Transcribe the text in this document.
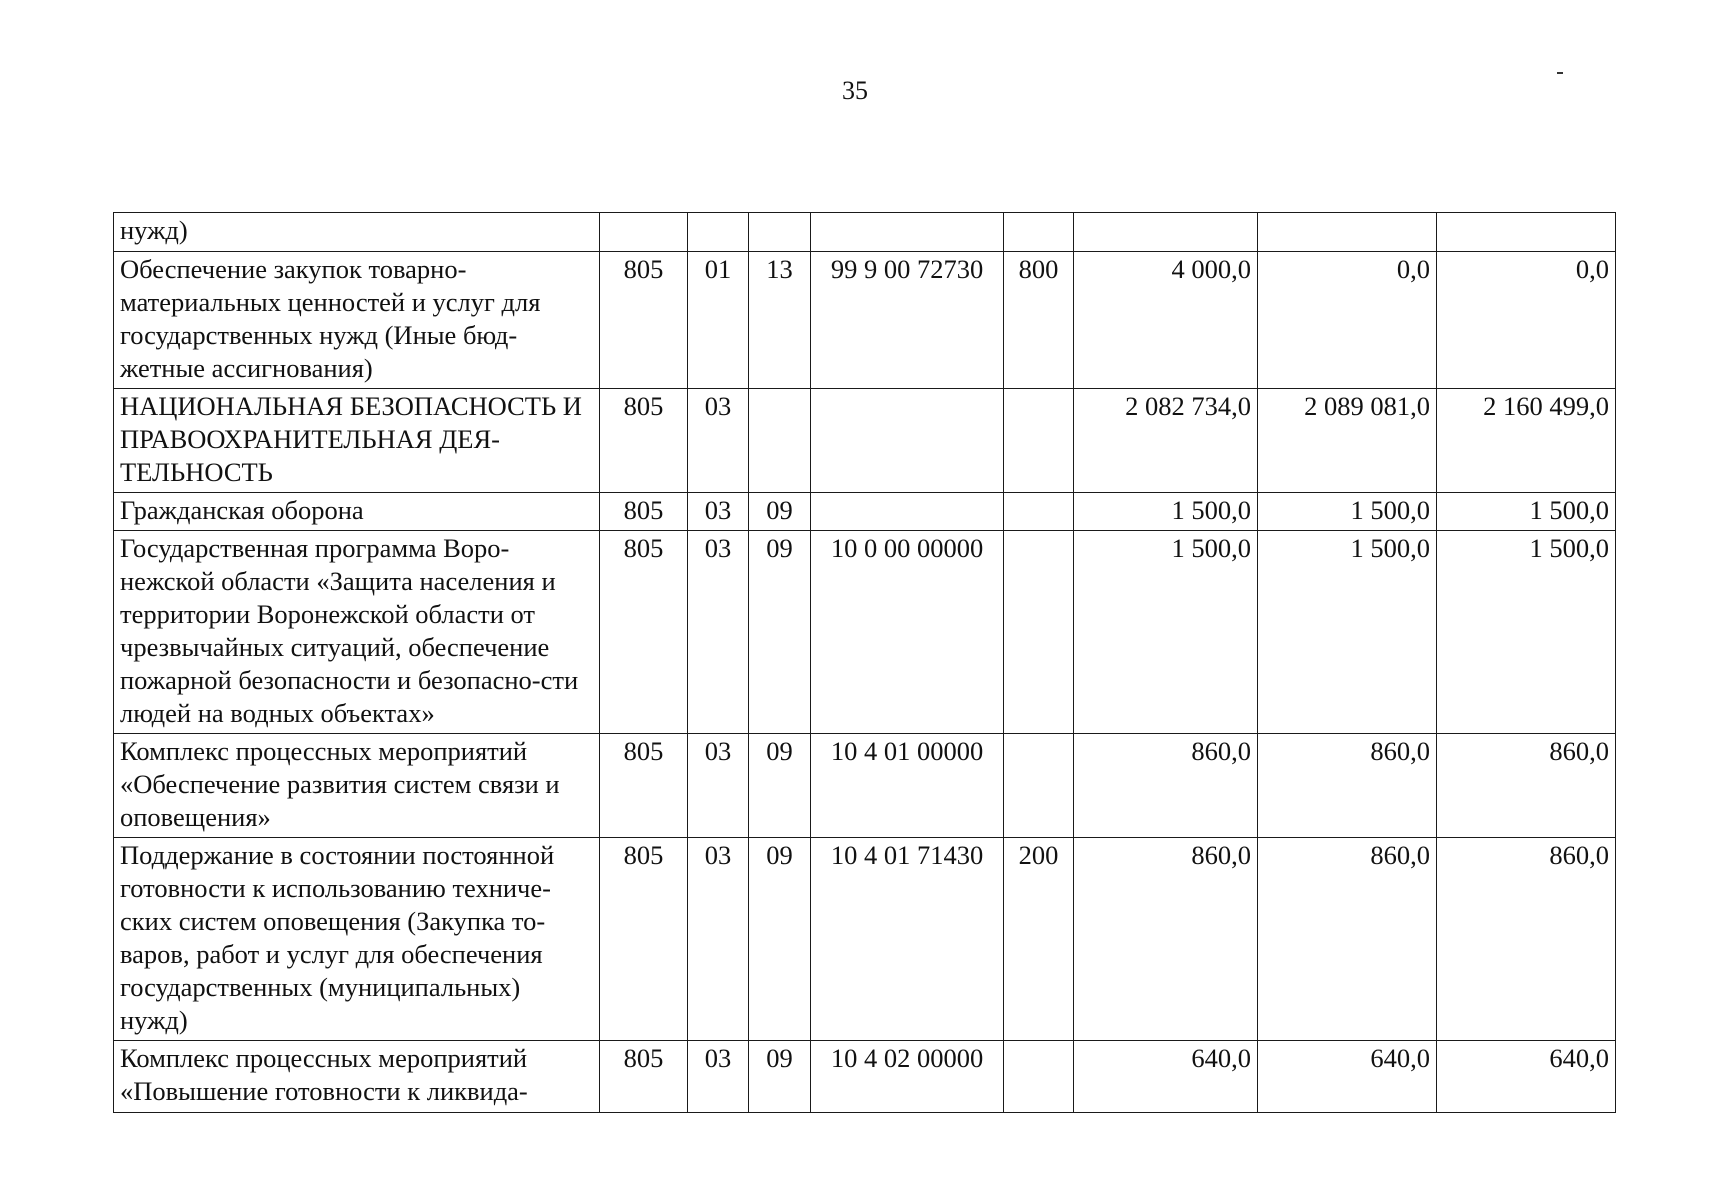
35
нужд)								
Обеспечение закупок товарно-материальных ценностей и услуг для государственных нужд (Иные бюд-жетные ассигнования)	805	01	13	99 9 00 72730	800	4 000,0	0,0	0,0
НАЦИОНАЛЬНАЯ БЕЗОПАСНОСТЬ И ПРАВООХРАНИТЕЛЬНАЯ ДЕЯ-ТЕЛЬНОСТЬ	805	03				2 082 734,0	2 089 081,0	2 160 499,0
Гражданская оборона	805	03	09			1 500,0	1 500,0	1 500,0
Государственная программа Воро-нежской области «Защита населения и территории Воронежской области от чрезвычайных ситуаций, обеспечение пожарной безопасности и безопасно-сти людей на водных объектах»	805	03	09	10 0 00 00000		1 500,0	1 500,0	1 500,0
Комплекс процессных мероприятий «Обеспечение развития систем связи и оповещения»	805	03	09	10 4 01 00000		860,0	860,0	860,0
Поддержание в состоянии постоянной готовности к использованию техниче-ских систем оповещения (Закупка то-варов, работ и услуг для обеспечения государственных (муниципальных) нужд)	805	03	09	10 4 01 71430	200	860,0	860,0	860,0
Комплекс процессных мероприятий «Повышение готовности к ликвида-	805	03	09	10 4 02 00000		640,0	640,0	640,0
